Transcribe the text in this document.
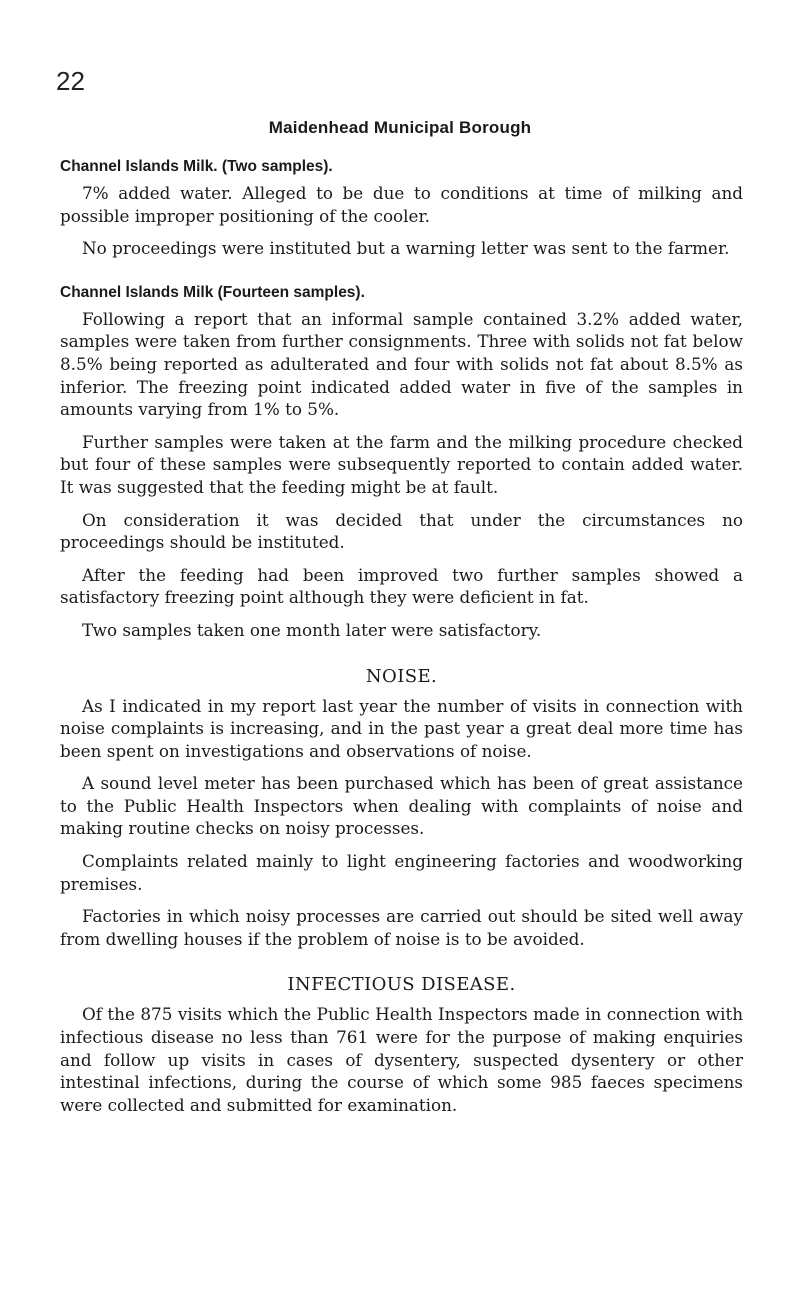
22
Maidenhead Municipal Borough
Channel Islands Milk. (Two samples).

7% added water. Alleged to be due to conditions at time of milking and possible improper positioning of the cooler.

No proceedings were instituted but a warning letter was sent to the farmer.

Channel Islands Milk (Fourteen samples).

Following a report that an informal sample contained 3.2% added water, samples were taken from further consignments. Three with solids not fat below 8.5% being reported as adulterated and four with solids not fat about 8.5% as inferior. The freezing point indicated added water in five of the samples in amounts varying from 1% to 5%.

Further samples were taken at the farm and the milking procedure checked but four of these samples were subsequently reported to contain added water. It was suggested that the feeding might be at fault.

On consideration it was decided that under the circumstances no proceedings should be instituted.

After the feeding had been improved two further samples showed a satisfactory freezing point although they were deficient in fat.

Two samples taken one month later were satisfactory.

NOISE.

As I indicated in my report last year the number of visits in connection with noise complaints is increasing, and in the past year a great deal more time has been spent on investigations and observations of noise.

A sound level meter has been purchased which has been of great assistance to the Public Health Inspectors when dealing with complaints of noise and making routine checks on noisy processes.

Complaints related mainly to light engineering factories and woodworking premises.

Factories in which noisy processes are carried out should be sited well away from dwelling houses if the problem of noise is to be avoided.

INFECTIOUS DISEASE.

Of the 875 visits which the Public Health Inspectors made in connection with infectious disease no less than 761 were for the purpose of making enquiries and follow up visits in cases of dysentery, suspected dysentery or other intestinal infections, during the course of which some 985 faeces specimens were collected and submitted for examination.
